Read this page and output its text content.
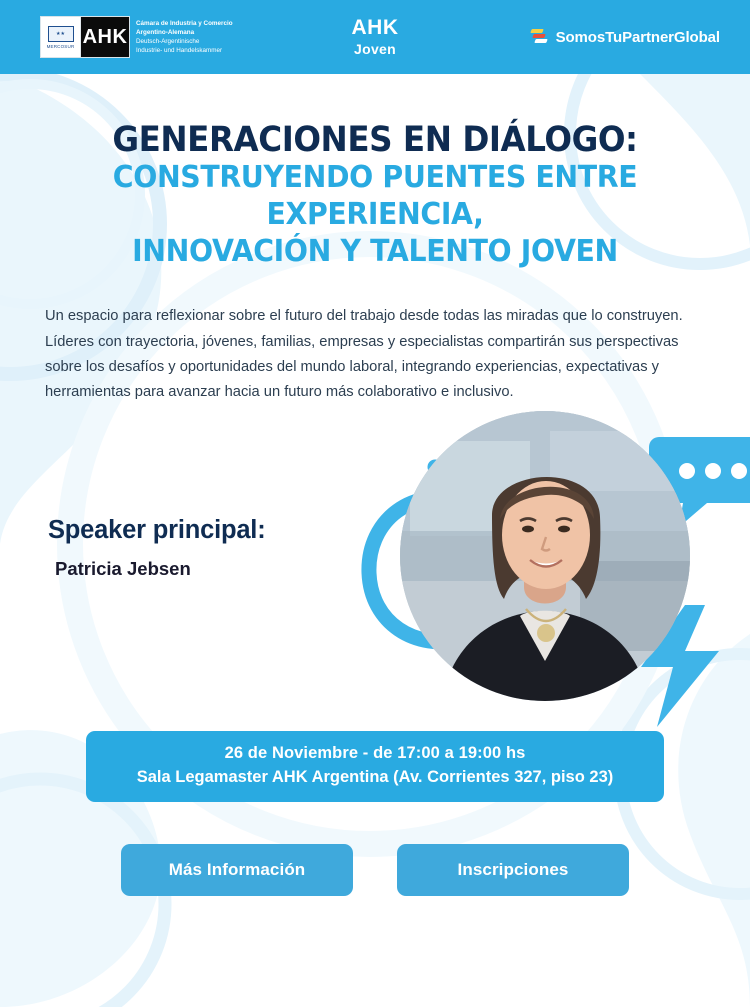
★★
MERCOSUR AHK
Cámara de Industria y Comercio
Argentino-Alemana
Deutsch-Argentinische
Industrie- und Handelskammer
AHK
Joven
SomosTuPartnerGlobal
GENERACIONES EN DIÁLOGO:
CONSTRUYENDO PUENTES ENTRE EXPERIENCIA,
INNOVACIÓN Y TALENTO JOVEN

Un espacio para reflexionar sobre el futuro del trabajo desde todas las miradas que lo construyen. Líderes con trayectoria, jóvenes, familias, empresas y especialistas compartirán sus perspectivas sobre los desafíos y oportunidades del mundo laboral, integrando experiencias, expectativas y herramientas para avanzar hacia un futuro más colaborativo e inclusivo.

Speaker principal:
Patricia Jebsen
26 de Noviembre - de 17:00 a 19:00 hs
Sala Legamaster AHK Argentina (Av. Corrientes 327, piso 23)
Más Información	Inscripciones
